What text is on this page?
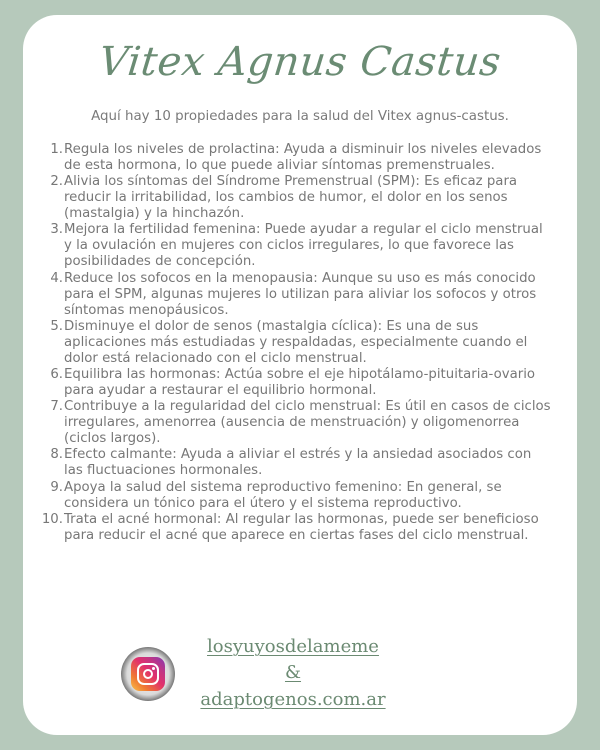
Vitex Agnus Castus
Aquí hay 10 propiedades para la salud del Vitex agnus-castus.
1. Regula los niveles de prolactina: Ayuda a disminuir los niveles elevados de esta hormona, lo que puede aliviar síntomas premenstruales.
2. Alivia los síntomas del Síndrome Premenstrual (SPM): Es eficaz para reducir la irritabilidad, los cambios de humor, el dolor en los senos (mastalgia) y la hinchazón.
3. Mejora la fertilidad femenina: Puede ayudar a regular el ciclo menstrual y la ovulación en mujeres con ciclos irregulares, lo que favorece las posibilidades de concepción.
4. Reduce los sofocos en la menopausia: Aunque su uso es más conocido para el SPM, algunas mujeres lo utilizan para aliviar los sofocos y otros síntomas menopáusicos.
5. Disminuye el dolor de senos (mastalgia cíclica): Es una de sus aplicaciones más estudiadas y respaldadas, especialmente cuando el dolor está relacionado con el ciclo menstrual.
6. Equilibra las hormonas: Actúa sobre el eje hipotálamo-pituitaria-ovario para ayudar a restaurar el equilibrio hormonal.
7. Contribuye a la regularidad del ciclo menstrual: Es útil en casos de ciclos irregulares, amenorrea (ausencia de menstruación) y oligomenorrea (ciclos largos).
8. Efecto calmante: Ayuda a aliviar el estrés y la ansiedad asociados con las fluctuaciones hormonales.
9. Apoya la salud del sistema reproductivo femenino: En general, se considera un tónico para el útero y el sistema reproductivo.
10. Trata el acné hormonal: Al regular las hormonas, puede ser beneficioso para reducir el acné que aparece en ciertas fases del ciclo menstrual.
losyuyosdelameme
&
adaptogenos.com.ar
